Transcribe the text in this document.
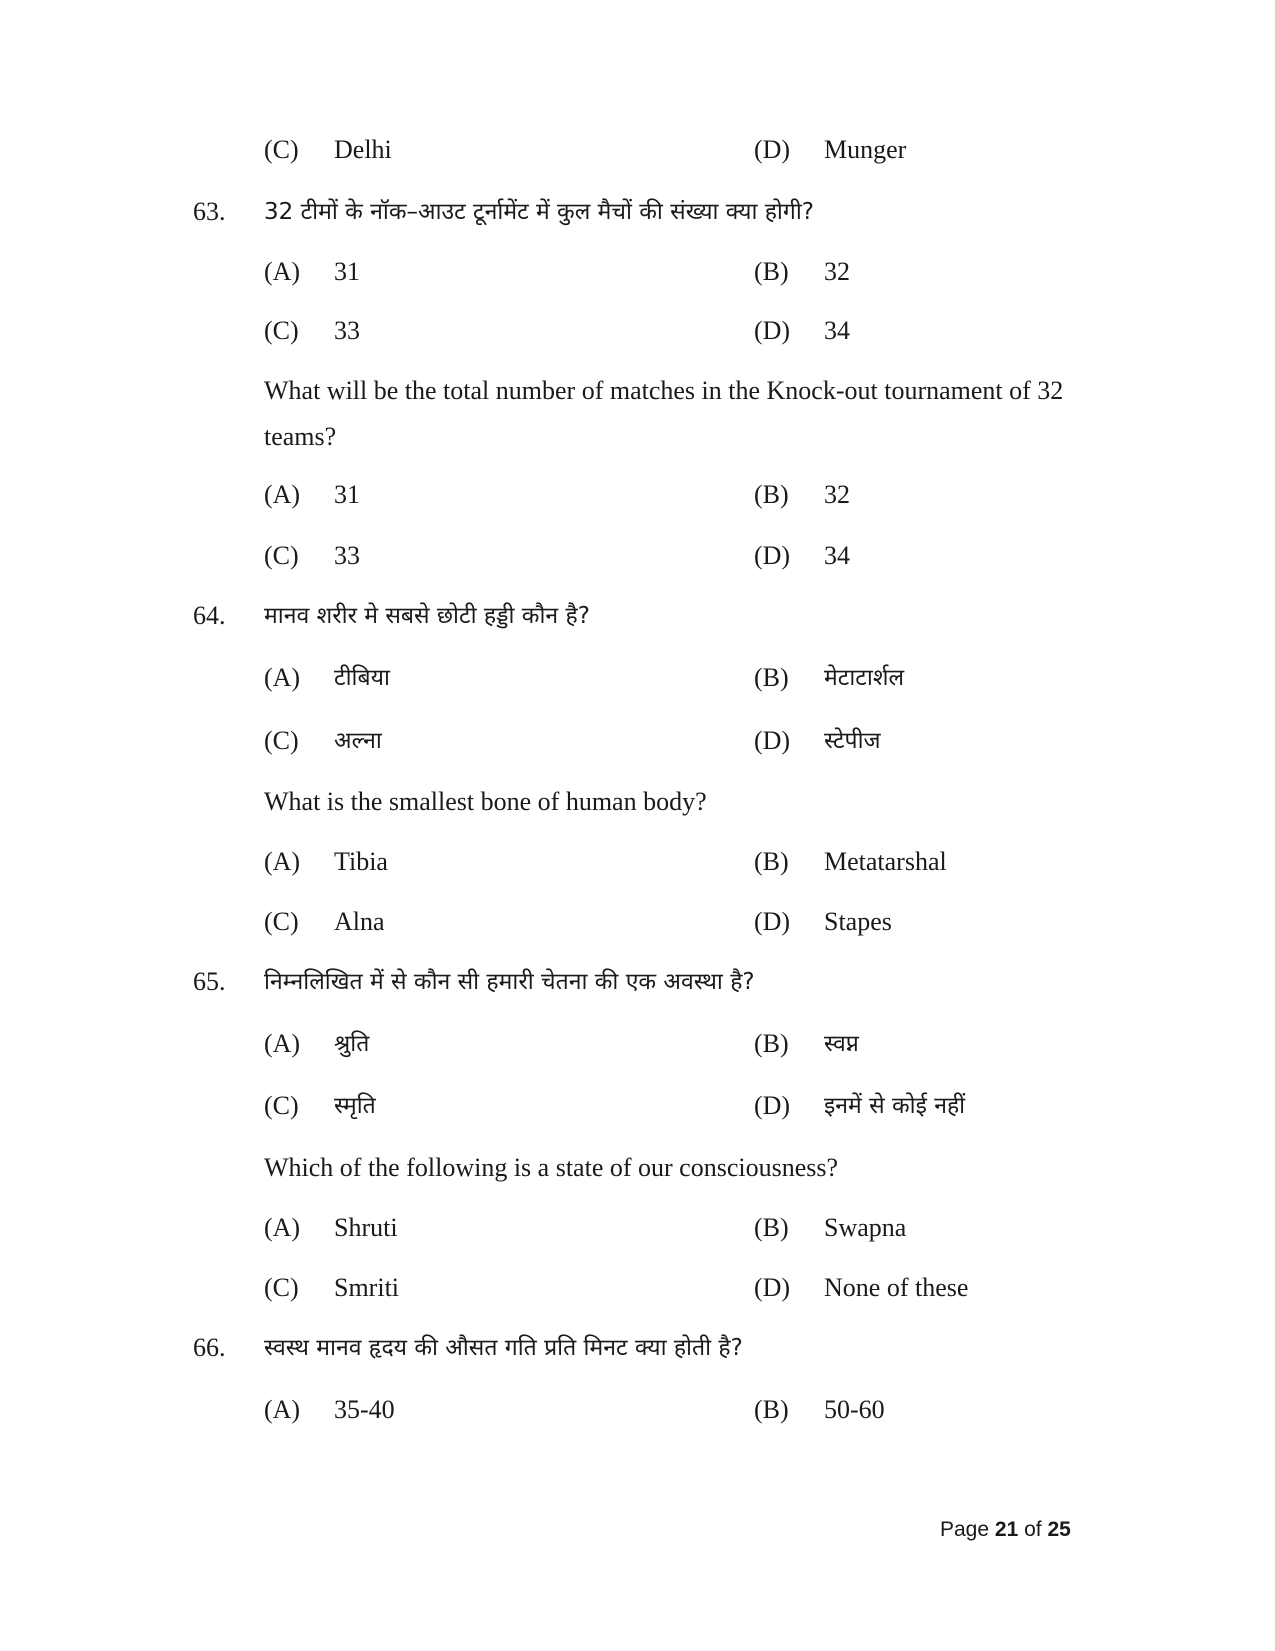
(C) Delhi	(D) Munger
63. 32 टीमों के नॉक–आउट टूर्नामेंट में कुल मैचों की संख्या क्या होगी?
(A) 31	(B) 32
(C) 33	(D) 34
What will be the total number of matches in the Knock-out tournament of 32 teams?
(A) 31	(B) 32
(C) 33	(D) 34
64. मानव शरीर मे सबसे छोटी हड्डी कौन है?
(A) टीबिया	(B) मेटाटार्शल
(C) अल्ना	(D) स्टेपीज
What is the smallest bone of human body?
(A) Tibia	(B) Metatarshal
(C) Alna	(D) Stapes
65. निम्नलिखित में से कौन सी हमारी चेतना की एक अवस्था है?
(A) श्रुति	(B) स्वप्न
(C) स्मृति	(D) इनमें से कोई नहीं
Which of the following is a state of our consciousness?
(A) Shruti	(B) Swapna
(C) Smriti	(D) None of these
66. स्वस्थ मानव हृदय की औसत गति प्रति मिनट क्या होती है?
(A) 35-40	(B) 50-60
Page 21 of 25
